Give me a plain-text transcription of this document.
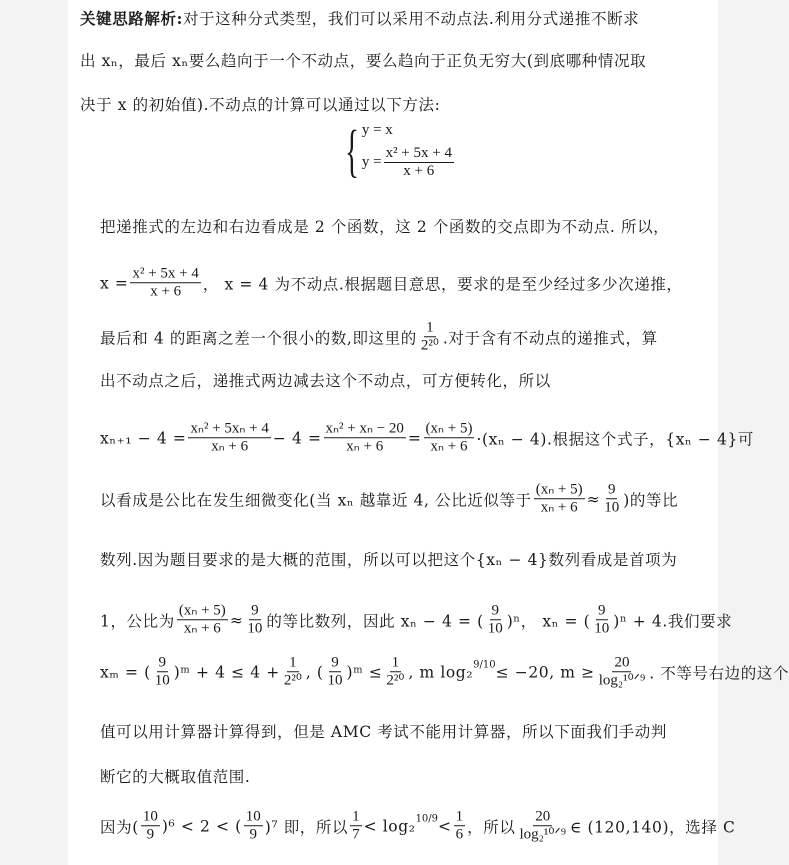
关键思路解析: 对于这种分式类型，我们可以采用不动点法.利用分式递推不断求
出 xₙ，最后 xₙ要么趋向于一个不动点，要么趋向于正负无穷大(到底哪种情况取
决于 x 的初始值).不动点的计算可以通过以下方法:
把递推式的左边和右边看成是 2 个函数，这 2 个函数的交点即为不动点. 所以，
$x = \frac{\text{x² + 5x + 4}}{x + 6}$ ， x = 4 为不动点.根据题目意思，要求的是至少经过多少次递推，
最后和 4 的距离之差一个很小的数,即这里的 $\frac{1}{\text{2²⁰}}$ .对于含有不动点的递推式，算
出不动点之后，递推式两边减去这个不动点，可方便转化，所以
$x_{n+1} - 4 = \frac{\text{xₙ² + 5xₙ + 4}}{\text{xₙ + 6}} - 4 = \frac{\text{xₙ² + xₙ − 20}}{\text{xₙ + 6}} = \frac{\text{(xₙ + 5)}}{\text{xₙ + 6}} \cdot(x_n - 4)$.根据这个式子，{xₙ − 4}可
以看成是公比在发生细微变化(当 xₙ 越靠近 4, 公比近似等于 $\frac{\text{(xₙ + 5)}}{\text{xₙ + 6}} \approx \frac{9}{10}$ )的等比
数列.因为题目要求的是大概的范围，所以可以把这个{xₙ − 4}数列看成是首项为
1，公比为 $\frac{\text{(xₙ + 5)}}{\text{xₙ + 6}} \approx \frac{9}{10}$ 的等比数列，因此 xₙ − 4 = ( $\frac{9}{10} )^n$， xₙ = ( $\frac{9}{10} )^n + 4$.我们要求
xₘ = ( $\frac{9}{10}$ )ᵐ + $4 \le 4 + \frac{1}{\text{2²⁰}}$ , ( $\frac{9}{10}$ )ᵐ ≤ $\frac{1}{\text{2²⁰}}$ , m log₂ 9/10 ≤ −20, $m \ge \frac{20}{\text{log₂¹⁰ᐟ⁹}}$ . 不等号右边的这个
值可以用计算器计算得到，但是 AMC 考试不能用计算器，所以下面我们手动判
断它的大概取值范围.
因为( $\frac{10}{9} )^6 < 2$ < ( $\frac{10}{9} )^7$ 即，所以 $\frac{1}{7} < \log_2$ $10/9 < \frac{1}{6}$ ，所以 $\frac{20}{\text{log₂¹⁰ᐟ⁹}}$ ∈ (120,140)，选择 C
{ y = x
$y = \frac{\text{x² + 5x + 4}}{x + 6}$
